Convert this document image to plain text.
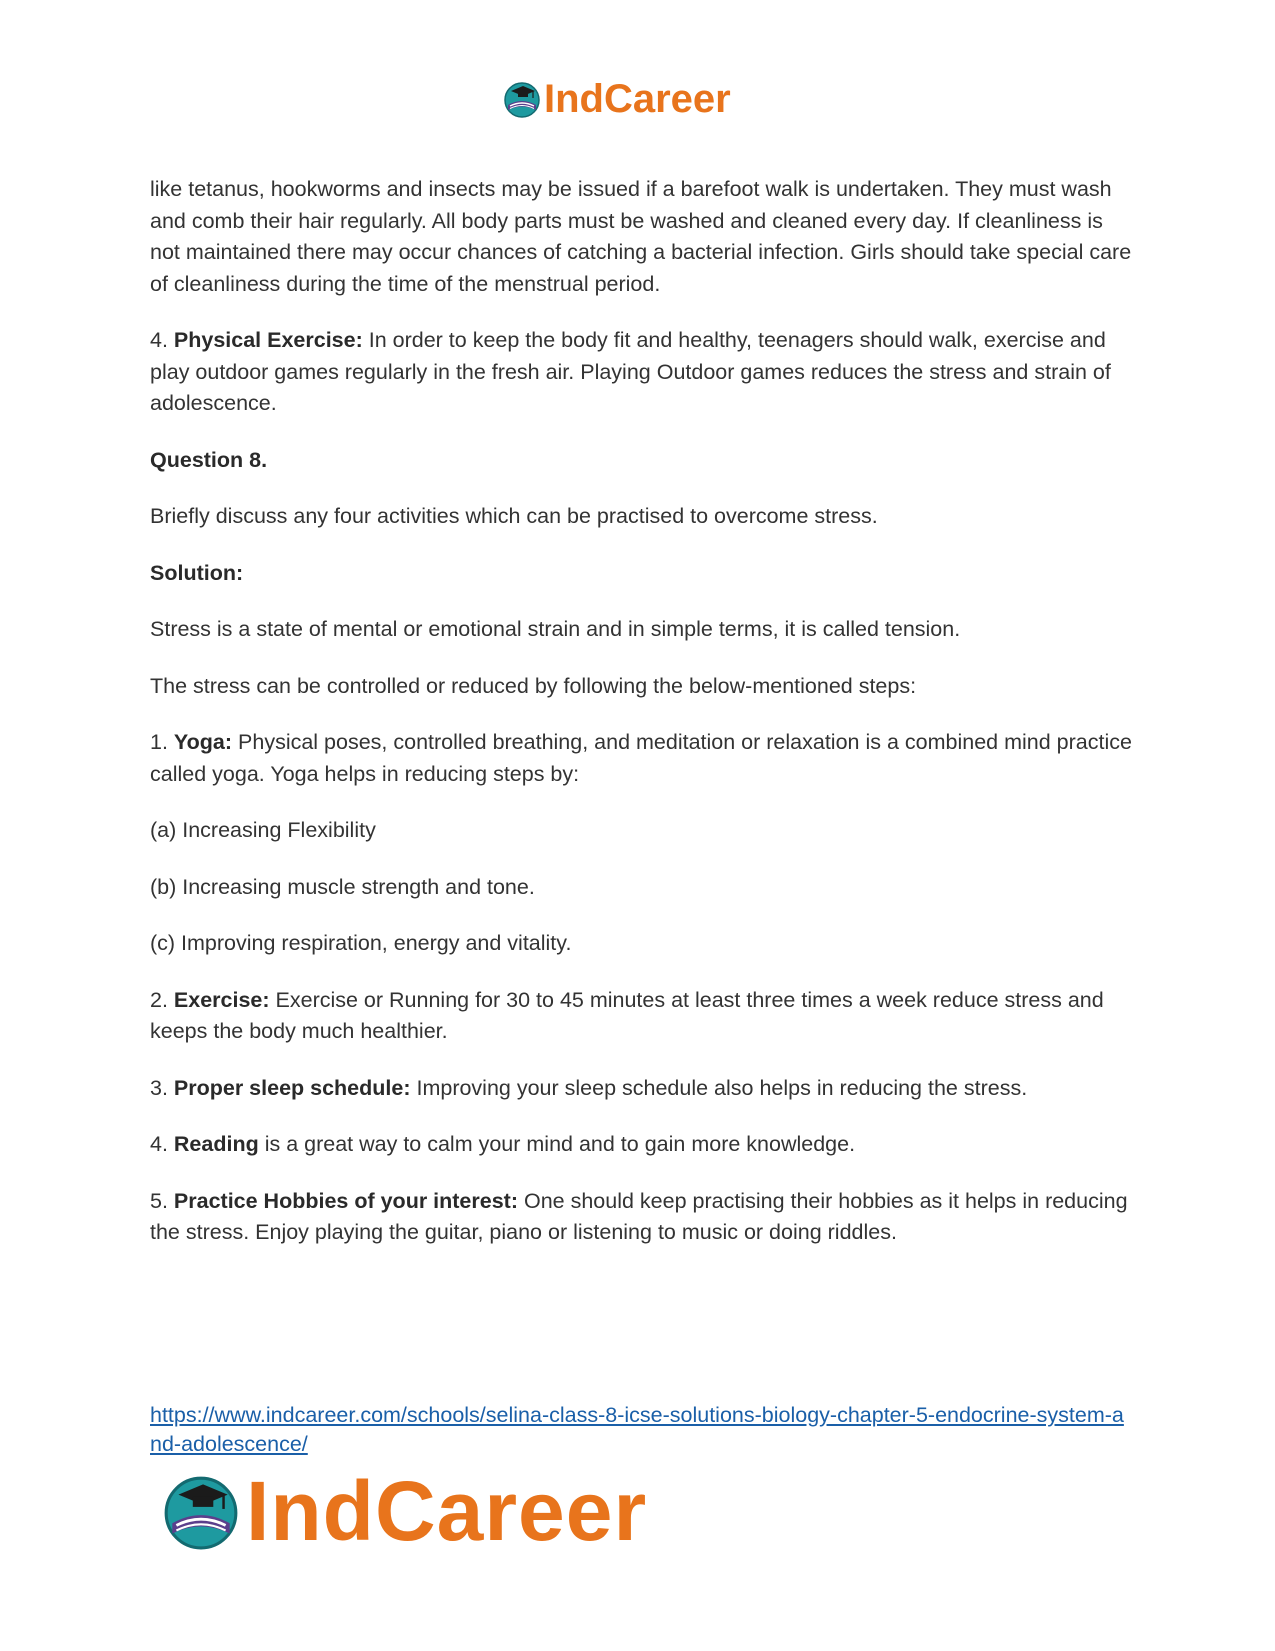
IndCareer

like tetanus, hookworms and insects may be issued if a barefoot walk is undertaken. They must wash and comb their hair regularly. All body parts must be washed and cleaned every day. If cleanliness is not maintained there may occur chances of catching a bacterial infection. Girls should take special care of cleanliness during the time of the menstrual period.

4. Physical Exercise: In order to keep the body fit and healthy, teenagers should walk, exercise and play outdoor games regularly in the fresh air. Playing Outdoor games reduces the stress and strain of adolescence.

Question 8.

Briefly discuss any four activities which can be practised to overcome stress.

Solution:

Stress is a state of mental or emotional strain and in simple terms, it is called tension.

The stress can be controlled or reduced by following the below-mentioned steps:

1. Yoga: Physical poses, controlled breathing, and meditation or relaxation is a combined mind practice called yoga. Yoga helps in reducing steps by:

(a) Increasing Flexibility

(b) Increasing muscle strength and tone.

(c) Improving respiration, energy and vitality.

2. Exercise: Exercise or Running for 30 to 45 minutes at least three times a week reduce stress and keeps the body much healthier.

3. Proper sleep schedule: Improving your sleep schedule also helps in reducing the stress.

4. Reading is a great way to calm your mind and to gain more knowledge.

5. Practice Hobbies of your interest: One should keep practising their hobbies as it helps in reducing the stress. Enjoy playing the guitar, piano or listening to music or doing riddles.

https://www.indcareer.com/schools/selina-class-8-icse-solutions-biology-chapter-5-endocrine-system-and-adolescence/
IndCareer
